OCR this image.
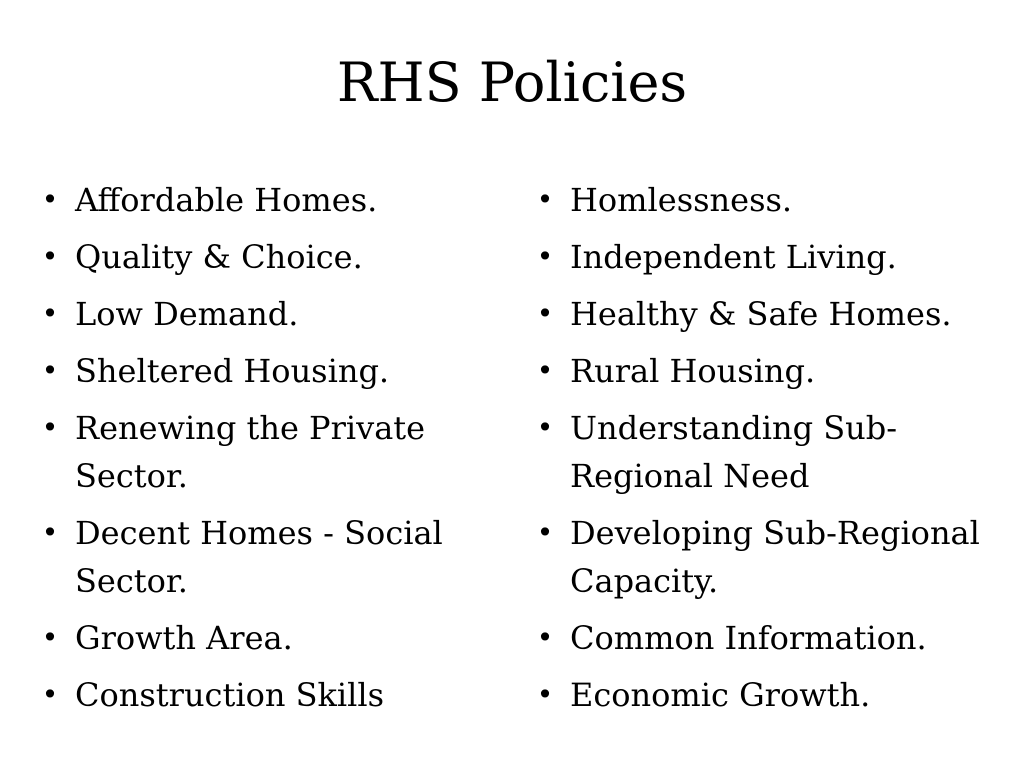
RHS Policies
• Affordable Homes.
• Quality & Choice.
• Low Demand.
• Sheltered Housing.
• Renewing the Private Sector.
• Decent Homes - Social Sector.
• Growth Area.
• Construction Skills
• Homlessness.
• Independent Living.
• Healthy & Safe Homes.
• Rural Housing.
• Understanding Sub-Regional Need
• Developing Sub-Regional Capacity.
• Common Information.
• Economic Growth.
